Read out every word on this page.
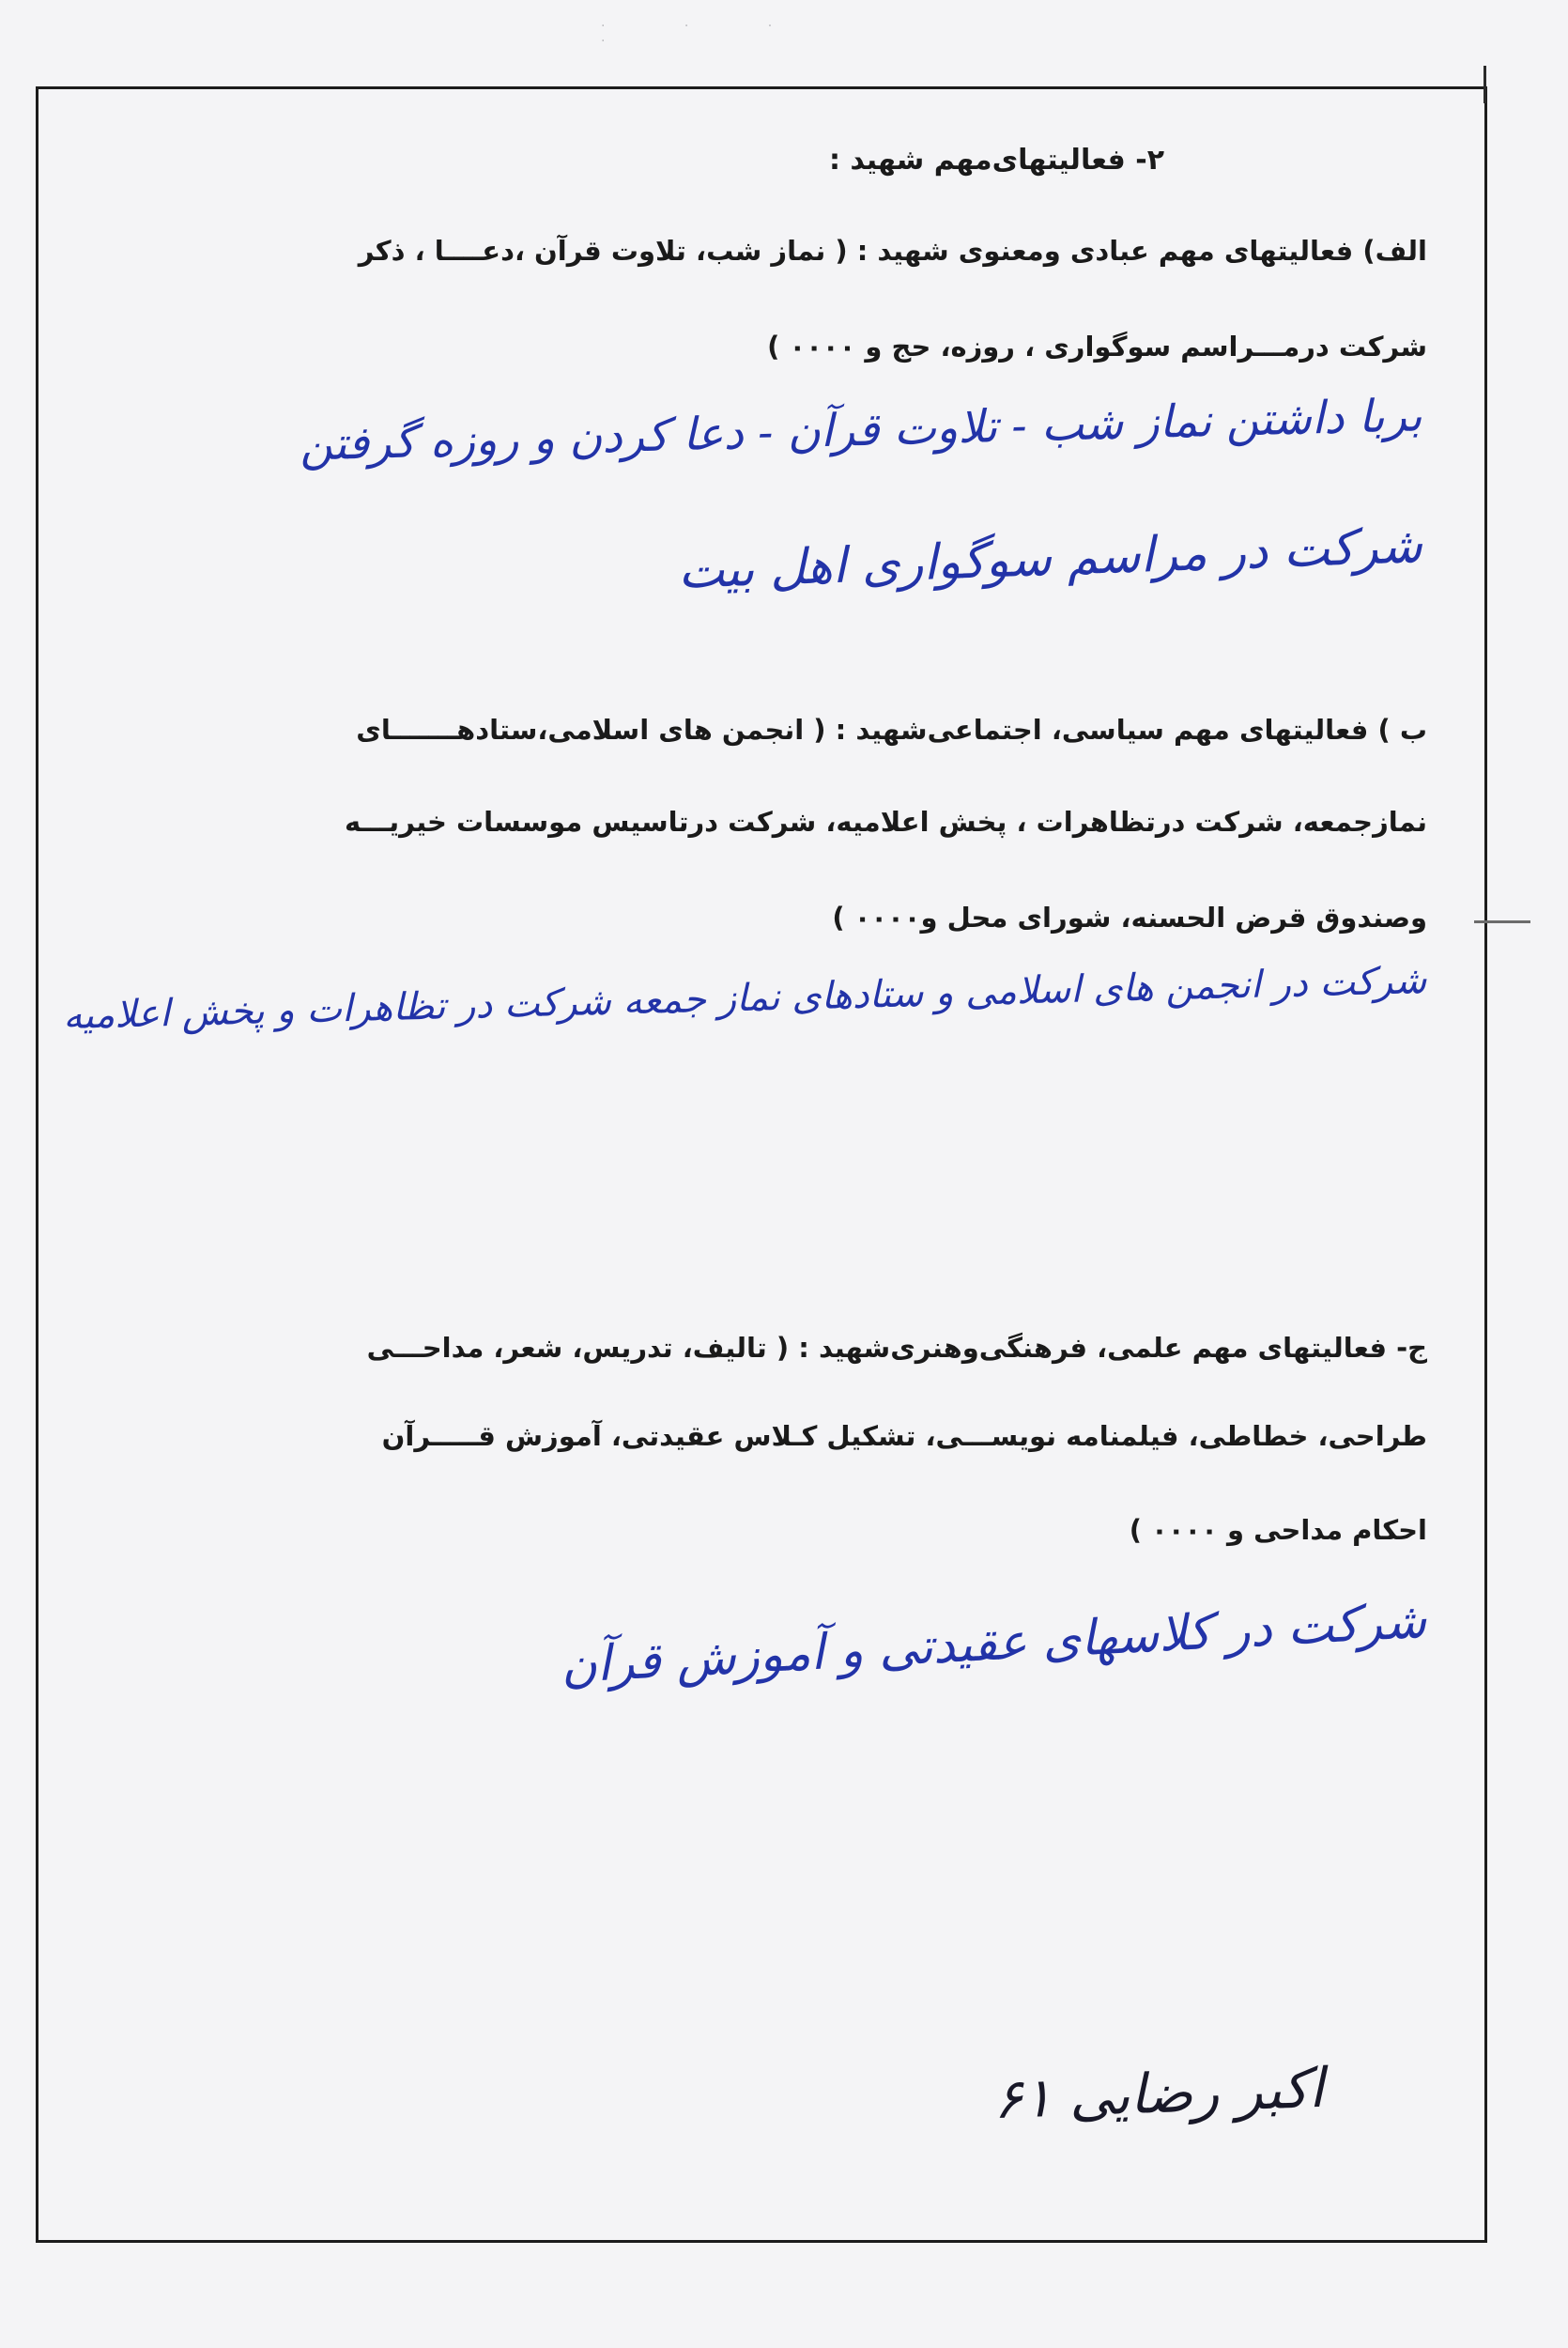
· · · ·
۲- فعالیتهای‌مهم شهید :
الف) فعالیتهای مهم عبادی ومعنوی شهید : ( نماز شب، تلاوت قرآن ،دعــــا ، ذکر
شرکت درمـــراسم سوگواری ، روزه، حج و ۰۰۰۰ )
بربا داشتن نماز شب - تلاوت قرآن - دعا کردن و روزه گرفتن
شرکت در مراسم سوگواری اهل بیت
ب ) فعالیتهای مهم سیاسی، اجتماعی‌شهید : ( انجمن های اسلامی،ستادهـــــــای
نمازجمعه، شرکت درتظاهرات ، پخش اعلامیه، شرکت درتاسیس موسسات خیریـــه
وصندوق قرض الحسنه، شورای محل و۰۰۰۰ )
شرکت در انجمن های اسلامی و ستادهای نماز جمعه شرکت در تظاهرات و پخش اعلامیه
ج- فعالیتهای مهم علمی، فرهنگی‌وهنری‌شهید : ( تالیف، تدریس، شعر، مداحـــی
طراحی، خطاطی، فیلمنامه نویســـی، تشکیل کـلاس عقیدتی، آموزش قـــــرآن
احکام مداحی و ۰۰۰۰ )
شرکت در کلاسهای عقیدتی و آموزش قرآن
اکبر رضایی ۶۱
